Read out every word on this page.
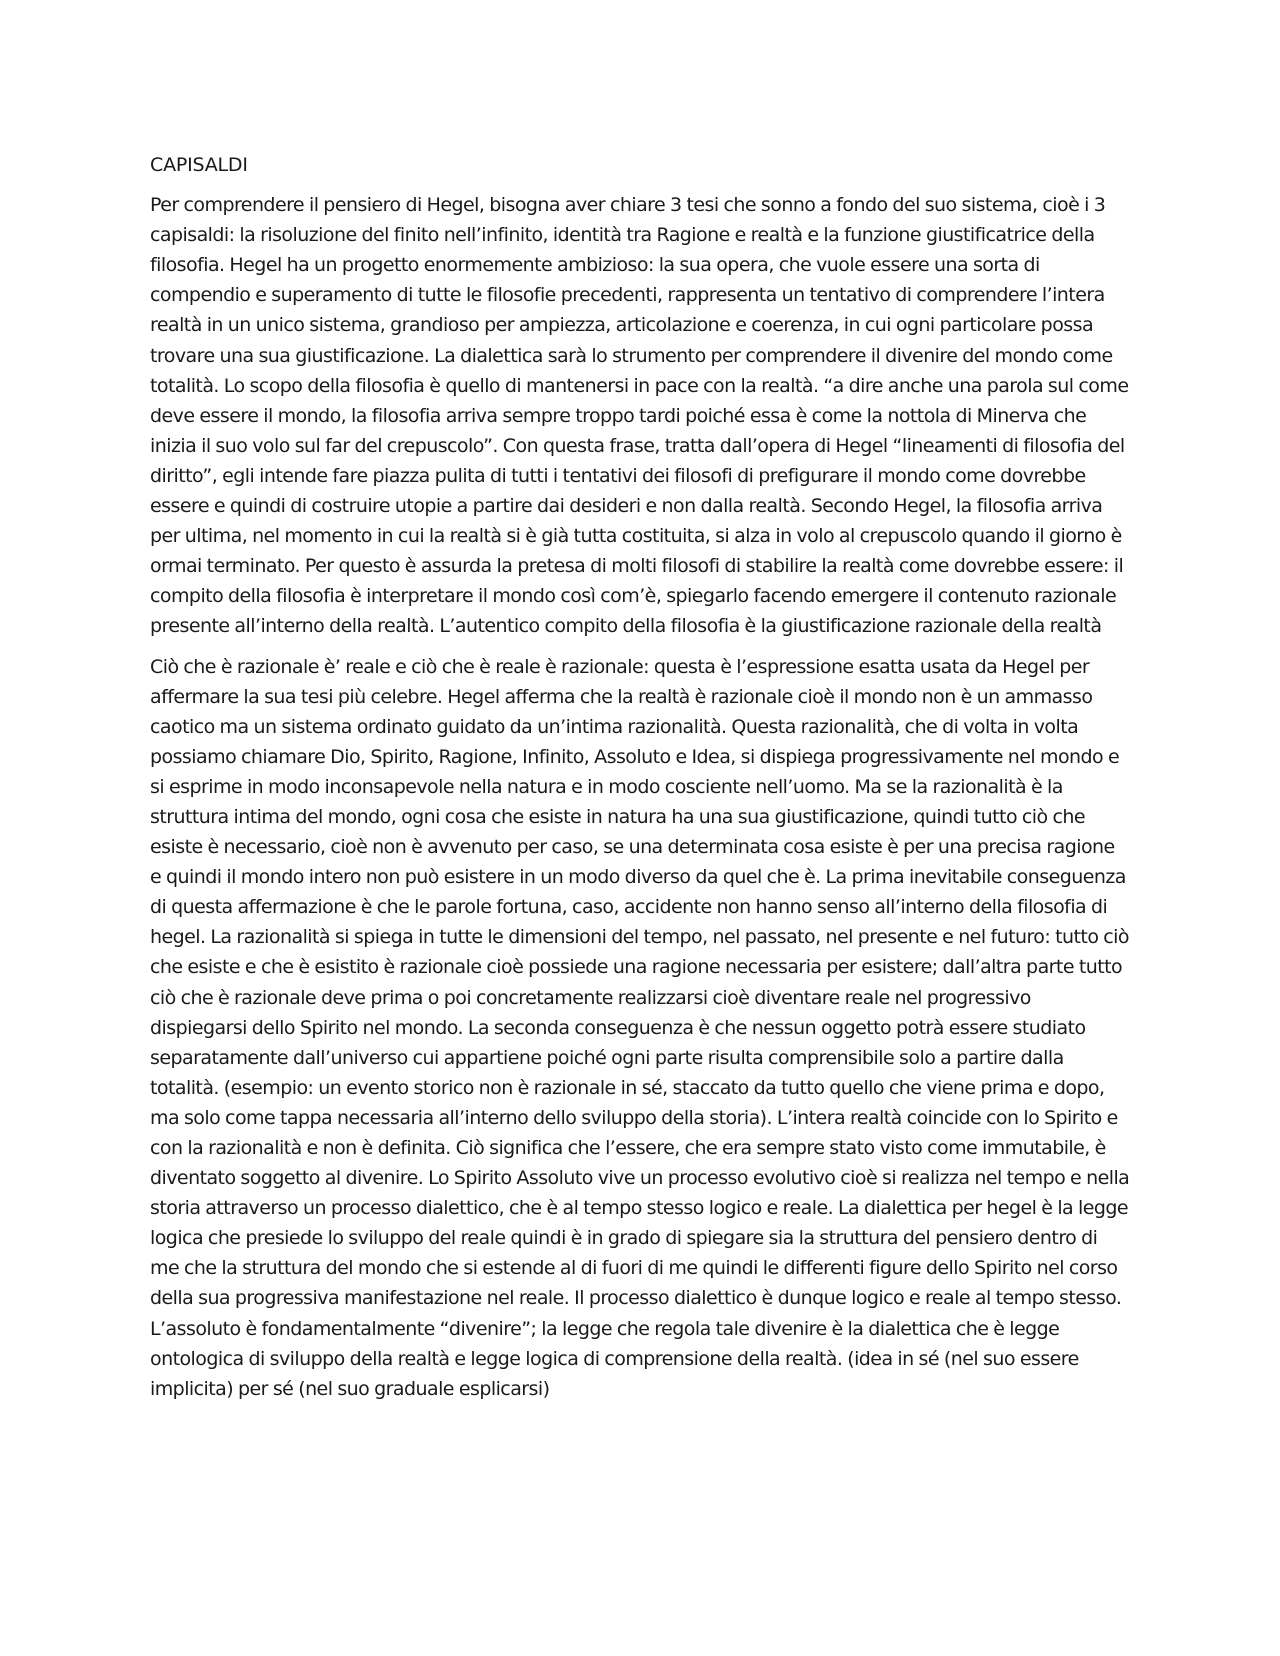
CAPISALDI

Per comprendere il pensiero di Hegel, bisogna aver chiare 3 tesi che sonno a fondo del suo sistema, cioè i 3 capisaldi: la risoluzione del finito nell’infinito, identità tra Ragione e realtà e la funzione giustificatrice della filosofia. Hegel ha un progetto enormemente ambizioso: la sua opera, che vuole essere una sorta di compendio e superamento di tutte le filosofie precedenti, rappresenta un tentativo di comprendere l’intera realtà in un unico sistema, grandioso per ampiezza, articolazione e coerenza, in cui ogni particolare possa trovare una sua giustificazione. La dialettica sarà lo strumento per comprendere il divenire del mondo come totalità. Lo scopo della filosofia è quello di mantenersi in pace con la realtà. “a dire anche una parola sul come deve essere il mondo, la filosofia arriva sempre troppo tardi poiché essa è come la nottola di Minerva che inizia il suo volo sul far del crepuscolo”. Con questa frase, tratta dall’opera di Hegel “lineamenti di filosofia del diritto”, egli intende fare piazza pulita di tutti i tentativi dei filosofi di prefigurare il mondo come dovrebbe essere e quindi di costruire utopie a partire dai desideri e non dalla realtà. Secondo Hegel, la filosofia arriva per ultima, nel momento in cui la realtà si è già tutta costituita, si alza in volo al crepuscolo quando il giorno è ormai terminato. Per questo è assurda la pretesa di molti filosofi di stabilire la realtà come dovrebbe essere: il compito della filosofia è interpretare il mondo così com’è, spiegarlo facendo emergere il contenuto razionale presente all’interno della realtà. L’autentico compito della filosofia è la giustificazione razionale della realtà

Ciò che è razionale è’ reale e ciò che è reale è razionale: questa è l’espressione esatta usata da Hegel per affermare la sua tesi più celebre. Hegel afferma che la realtà è razionale cioè il mondo non è un ammasso caotico ma un sistema ordinato guidato da un’intima razionalità. Questa razionalità, che di volta in volta possiamo chiamare Dio, Spirito, Ragione, Infinito, Assoluto e Idea, si dispiega progressivamente nel mondo e si esprime in modo inconsapevole nella natura e in modo cosciente nell’uomo. Ma se la razionalità è la struttura intima del mondo, ogni cosa che esiste in natura ha una sua giustificazione, quindi tutto ciò che esiste è necessario, cioè non è avvenuto per caso, se una determinata cosa esiste è per una precisa ragione e quindi il mondo intero non può esistere in un modo diverso da quel che è. La prima inevitabile conseguenza di questa affermazione è che le parole fortuna, caso, accidente non hanno senso all’interno della filosofia di hegel. La razionalità si spiega in tutte le dimensioni del tempo, nel passato, nel presente e nel futuro: tutto ciò che esiste e che è esistito è razionale cioè possiede una ragione necessaria per esistere; dall’altra parte tutto ciò che è razionale deve prima o poi concretamente realizzarsi cioè diventare reale nel progressivo dispiegarsi dello Spirito nel mondo. La seconda conseguenza è che nessun oggetto potrà essere studiato separatamente dall’universo cui appartiene poiché ogni parte risulta comprensibile solo a partire dalla totalità. (esempio: un evento storico non è razionale in sé, staccato da tutto quello che viene prima e dopo, ma solo come tappa necessaria all’interno dello sviluppo della storia). L’intera realtà coincide con lo Spirito e con la razionalità e non è definita. Ciò significa che l’essere, che era sempre stato visto come immutabile, è diventato soggetto al divenire. Lo Spirito Assoluto vive un processo evolutivo cioè si realizza nel tempo e nella storia attraverso un processo dialettico, che è al tempo stesso logico e reale. La dialettica per hegel è la legge logica che presiede lo sviluppo del reale quindi è in grado di spiegare sia la struttura del pensiero dentro di me che la struttura del mondo che si estende al di fuori di me quindi le differenti figure dello Spirito nel corso della sua progressiva manifestazione nel reale. Il processo dialettico è dunque logico e reale al tempo stesso. L’assoluto è fondamentalmente “divenire”; la legge che regola tale divenire è la dialettica che è legge ontologica di sviluppo della realtà e legge logica di comprensione della realtà. (idea in sé (nel suo essere implicita) per sé (nel suo graduale esplicarsi)
